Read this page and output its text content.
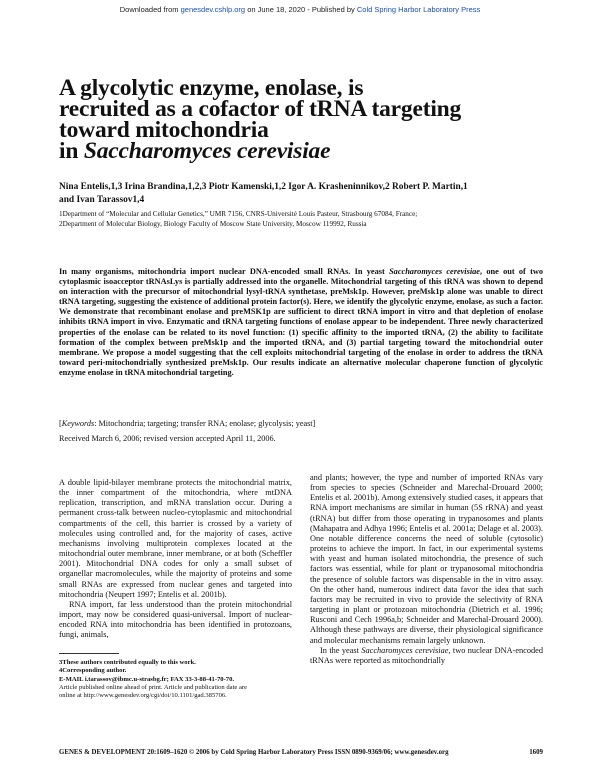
Downloaded from genesdev.cshlp.org on June 18, 2020 - Published by Cold Spring Harbor Laboratory Press
A glycolytic enzyme, enolase, is
recruited as a cofactor of tRNA targeting
toward mitochondria
in Saccharomyces cerevisiae

Nina Entelis,1,3 Irina Brandina,1,2,3 Piotr Kamenski,1,2 Igor A. Krasheninnikov,2 Robert P. Martin,1
and Ivan Tarassov1,4

1Department of “Molecular and Cellular Genetics,” UMR 7156, CNRS-Université Louis Pasteur, Strasbourg 67084, France;
2Department of Molecular Biology, Biology Faculty of Moscow State University, Moscow 119992, Russia

In many organisms, mitochondria import nuclear DNA-encoded small RNAs. In yeast Saccharomyces cerevisiae, one out of two cytoplasmic isoacceptor tRNAsLys is partially addressed into the organelle. Mitochondrial targeting of this tRNA was shown to depend on interaction with the precursor of mitochondrial lysyl-tRNA synthetase, preMsk1p. However, preMsk1p alone was unable to direct tRNA targeting, suggesting the existence of additional protein factor(s). Here, we identify the glycolytic enzyme, enolase, as such a factor. We demonstrate that recombinant enolase and preMSK1p are sufficient to direct tRNA import in vitro and that depletion of enolase inhibits tRNA import in vivo. Enzymatic and tRNA targeting functions of enolase appear to be independent. Three newly characterized properties of the enolase can be related to its novel function: (1) specific affinity to the imported tRNA, (2) the ability to facilitate formation of the complex between preMsk1p and the imported tRNA, and (3) partial targeting toward the mitochondrial outer membrane. We propose a model suggesting that the cell exploits mitochondrial targeting of the enolase in order to address the tRNA toward peri-mitochondrially synthesized preMsk1p. Our results indicate an alternative molecular chaperone function of glycolytic enzyme enolase in tRNA mitochondrial targeting.

[Keywords: Mitochondria; targeting; transfer RNA; enolase; glycolysis; yeast]

Received March 6, 2006; revised version accepted April 11, 2006.

A double lipid-bilayer membrane protects the mitochondrial matrix, the inner compartment of the mitochondria, where mtDNA replication, transcription, and mRNA translation occur. During a permanent cross-talk between nucleo-cytoplasmic and mitochondrial compartments of the cell, this barrier is crossed by a variety of molecules using controlled and, for the majority of cases, active mechanisms involving multiprotein complexes located at the mitochondrial outer membrane, inner membrane, or at both (Scheffler 2001). Mitochondrial DNA codes for only a small subset of organellar macromolecules, while the majority of proteins and some small RNAs are expressed from nuclear genes and targeted into mitochondria (Neupert 1997; Entelis et al. 2001b).

RNA import, far less understood than the protein mitochondrial import, may now be considered quasi-universal. Import of nuclear-encoded RNA into mitochondria has been identified in protozoans, fungi, animals,

and plants; however, the type and number of imported RNAs vary from species to species (Schneider and Marechal-Drouard 2000; Entelis et al. 2001b). Among extensively studied cases, it appears that RNA import mechanisms are similar in human (5S rRNA) and yeast (tRNA) but differ from those operating in trypanosomes and plants (Mahapatra and Adhya 1996; Entelis et al. 2001a; Delage et al. 2003). One notable difference concerns the need of soluble (cytosolic) proteins to achieve the import. In fact, in our experimental systems with yeast and human isolated mitochondria, the presence of such factors was essential, while for plant or trypanosomal mitochondria the presence of soluble factors was dispensable in the in vitro assay. On the other hand, numerous indirect data favor the idea that such factors may be recruited in vivo to provide the selectivity of RNA targeting in plant or protozoan mitochondria (Dietrich et al. 1996; Rusconi and Cech 1996a,b; Schneider and Marechal-Drouard 2000). Although these pathways are diverse, their physiological significance and molecular mechanisms remain largely unknown.

In the yeast Saccharomyces cerevisiae, two nuclear DNA-encoded tRNAs were reported as mitochondrially

3These authors contributed equally to this work.
4Corresponding author.
E-MAIL i.tarassov@ibmc.u-strasbg.fr; FAX 33-3-88-41-70-70.
Article published online ahead of print. Article and publication date are
online at http://www.genesdev.org/cgi/doi/10.1101/gad.385706.

GENES & DEVELOPMENT 20:1609–1620 © 2006 by Cold Spring Harbor Laboratory Press ISSN 0890-9369/06; www.genesdev.org	1609
